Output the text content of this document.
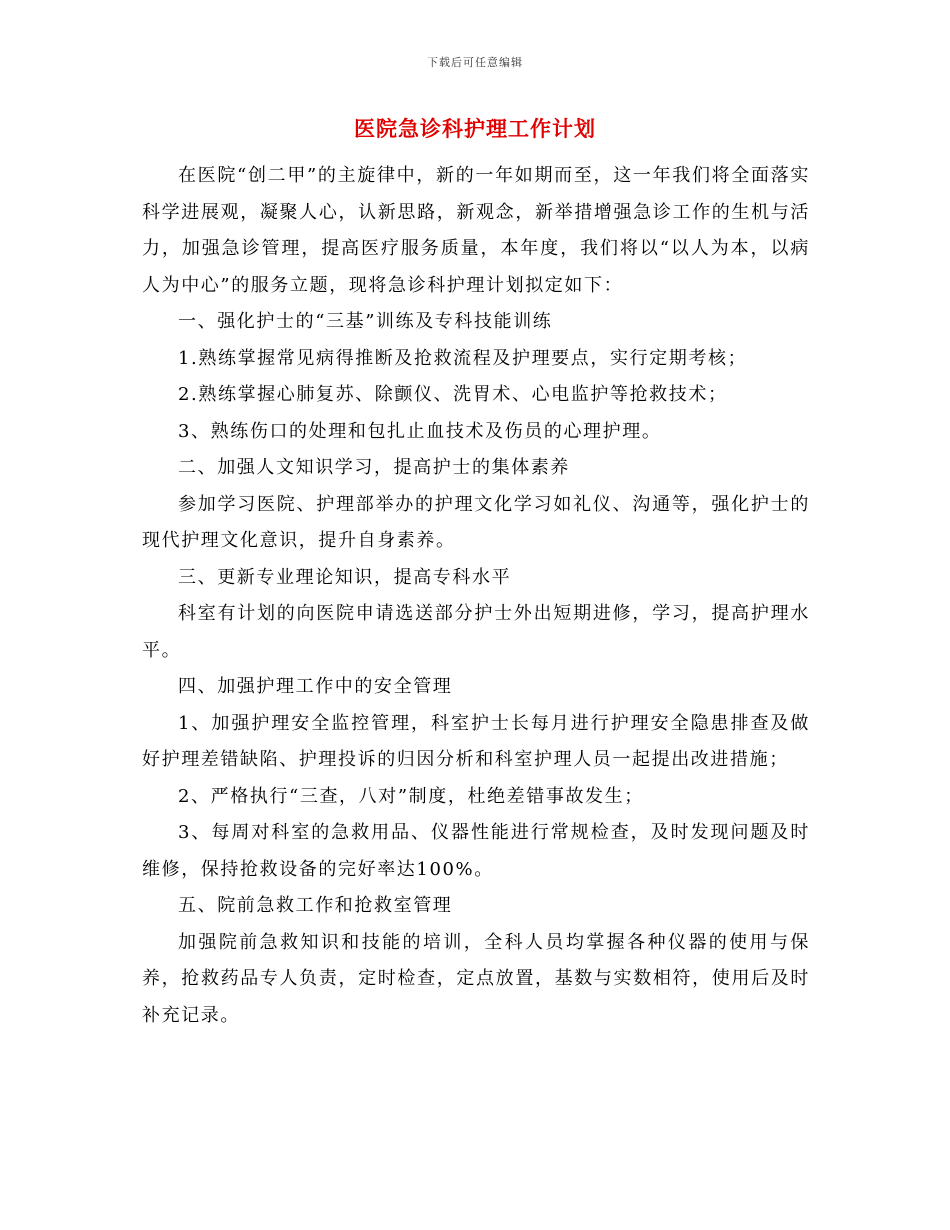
下载后可任意编辑
医院急诊科护理工作计划

在医院“创二甲”的主旋律中，新的一年如期而至，这一年我们将全面落实科学进展观，凝聚人心，认新思路，新观念，新举措增强急诊工作的生机与活力，加强急诊管理，提高医疗服务质量，本年度，我们将以“以人为本，以病人为中心”的服务立题，现将急诊科护理计划拟定如下：

一、强化护士的“三基”训练及专科技能训练

1.熟练掌握常见病得推断及抢救流程及护理要点，实行定期考核；

2.熟练掌握心肺复苏、除颤仪、洗胃术、心电监护等抢救技术；

3、熟练伤口的处理和包扎止血技术及伤员的心理护理。

二、加强人文知识学习，提高护士的集体素养

参加学习医院、护理部举办的护理文化学习如礼仪、沟通等，强化护士的现代护理文化意识，提升自身素养。

三、更新专业理论知识，提高专科水平

科室有计划的向医院申请选送部分护士外出短期进修，学习，提高护理水平。

四、加强护理工作中的安全管理

1、加强护理安全监控管理，科室护士长每月进行护理安全隐患排查及做好护理差错缺陷、护理投诉的归因分析和科室护理人员一起提出改进措施；

2、严格执行“三查，八对”制度，杜绝差错事故发生；

3、每周对科室的急救用品、仪器性能进行常规检查，及时发现问题及时维修，保持抢救设备的完好率达100%。

五、院前急救工作和抢救室管理

加强院前急救知识和技能的培训，全科人员均掌握各种仪器的使用与保养，抢救药品专人负责，定时检查，定点放置，基数与实数相符，使用后及时补充记录。
